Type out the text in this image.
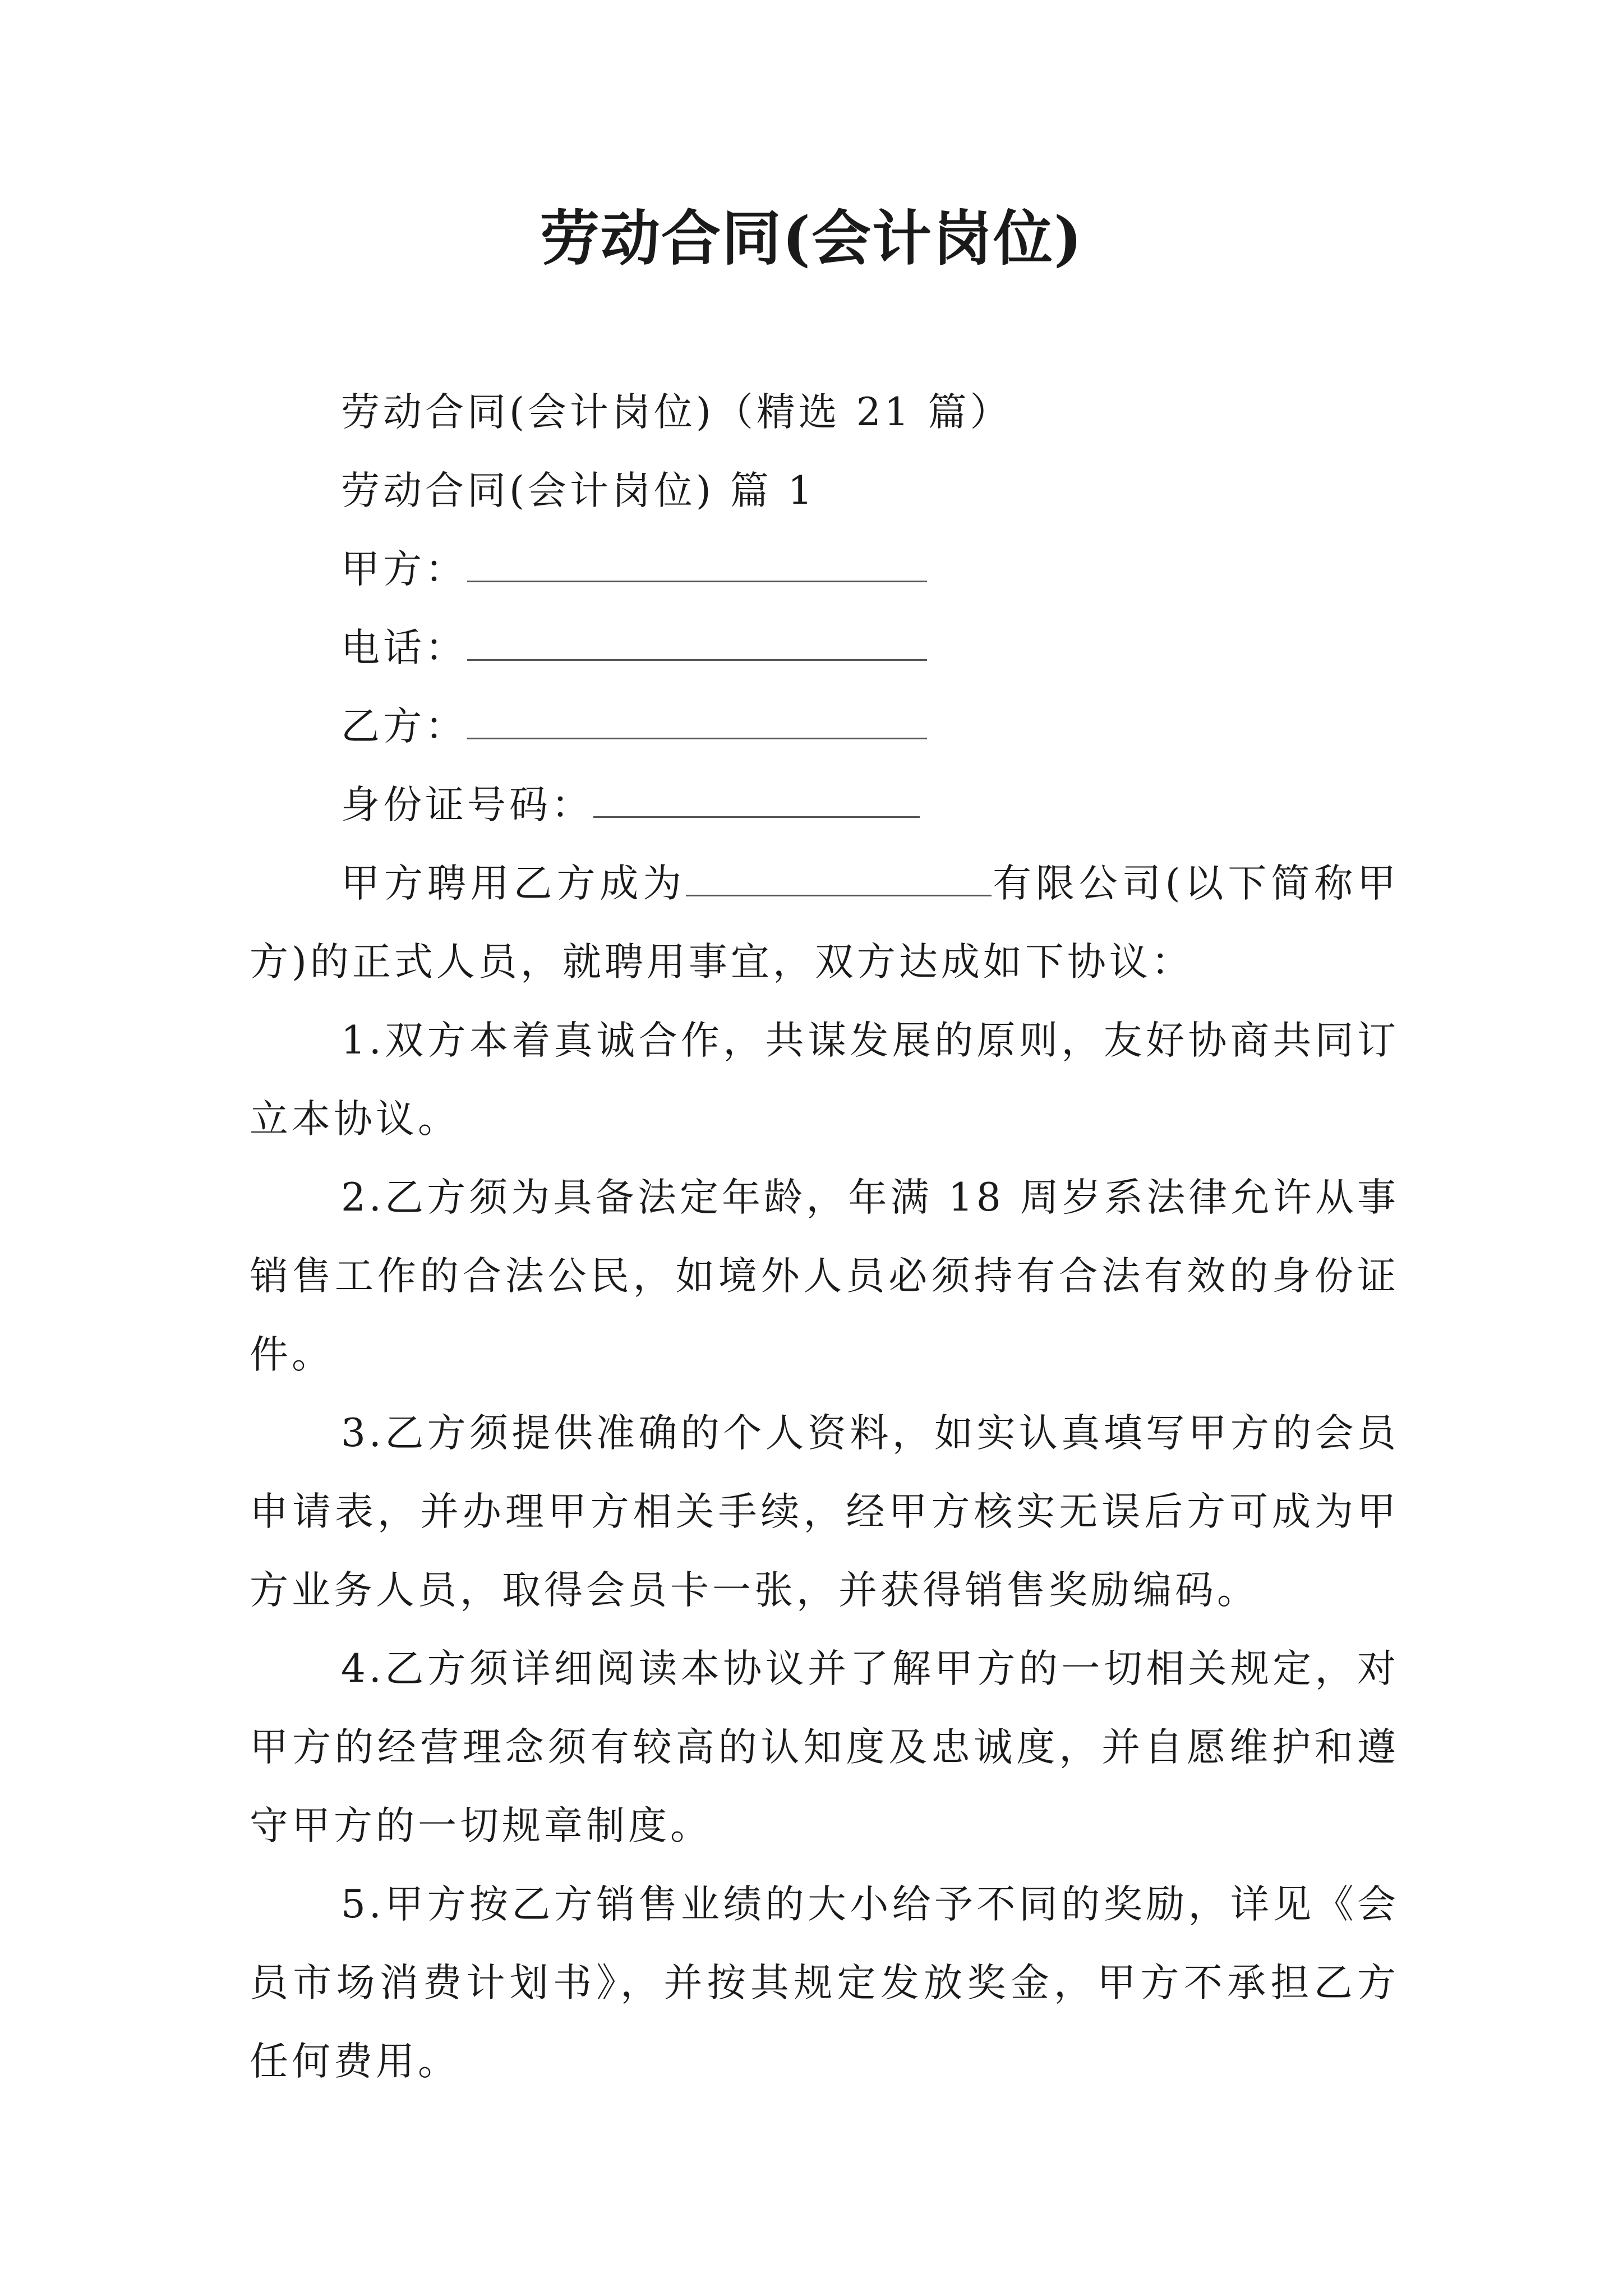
劳动合同(会计岗位)

劳动合同(会计岗位)（精选 21 篇）

劳动合同(会计岗位) 篇 1

甲方：

电话：

乙方：

身份证号码：

甲方聘用乙方成为	有限公司(以下简称甲方)的正式人员，就聘用事宜，双方达成如下协议：

1.双方本着真诚合作，共谋发展的原则，友好协商共同订立本协议。

2.乙方须为具备法定年龄，年满 18 周岁系法律允许从事销售工作的合法公民，如境外人员必须持有合法有效的身份证件。

3.乙方须提供准确的个人资料，如实认真填写甲方的会员申请表，并办理甲方相关手续，经甲方核实无误后方可成为甲方业务人员，取得会员卡一张，并获得销售奖励编码。

4.乙方须详细阅读本协议并了解甲方的一切相关规定，对甲方的经营理念须有较高的认知度及忠诚度，并自愿维护和遵守甲方的一切规章制度。

5.甲方按乙方销售业绩的大小给予不同的奖励，详见《会员市场消费计划书》，并按其规定发放奖金，甲方不承担乙方任何费用。
